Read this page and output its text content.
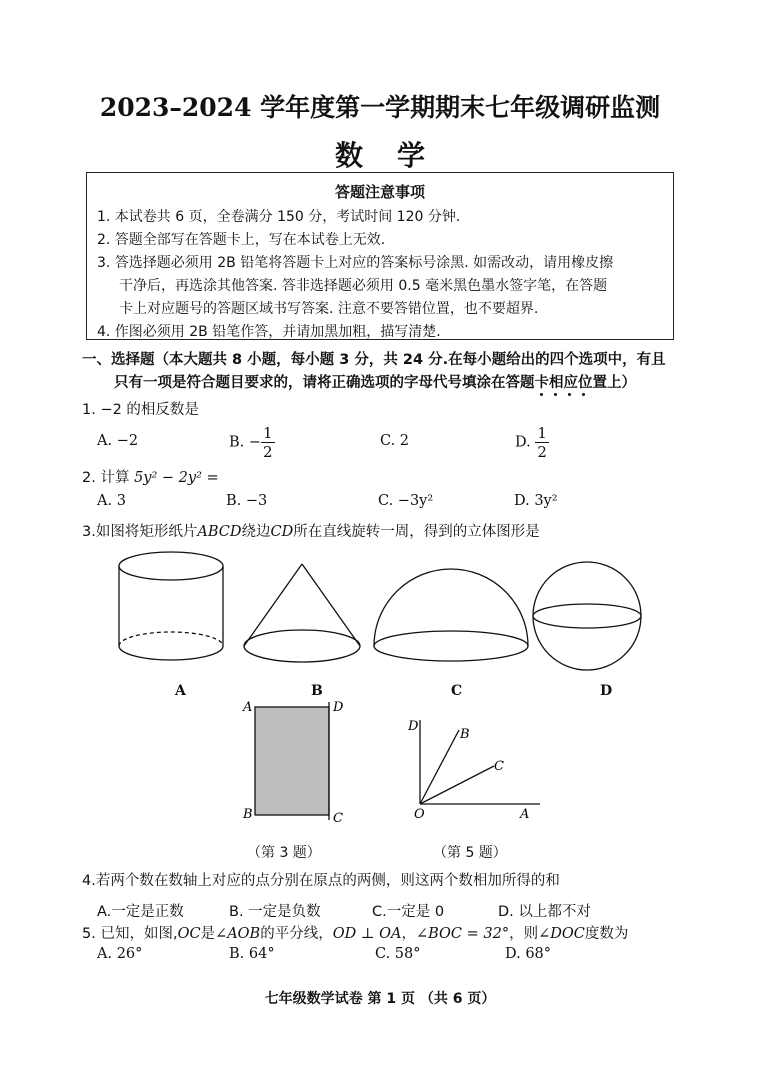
2023–2024 学年度第一学期期末七年级调研监测
数学
答题注意事项
1. 本试卷共 6 页，全卷满分 150 分，考试时间 120 分钟.
2. 答题全部写在答题卡上，写在本试卷上无效.
3. 答选择题必须用 2B 铅笔将答题卡上对应的答案标号涂黑. 如需改动，请用橡皮擦
干净后，再选涂其他答案. 答非选择题必须用 0.5 毫米黑色墨水签字笔，在答题
卡上对应题号的答题区域书写答案. 注意不要答错位置，也不要超界.
4. 作图必须用 2B 铅笔作答，并请加黑加粗，描写清楚.
一、选择题（本大题共 8 小题，每小题 3 分，共 24 分.在每小题给出的四个选项中，有且
只有一项是符合题目要求的，请将正确选项的字母代号填涂在答题卡相应位置上）
1. −2 的相反数是
A. −2	B. − $\frac{1}{2}$	C. 2	D. $\frac{1}{2}$
2. 计算 5y² − 2y² =
A. 3	B. −3	C. −3y²	D. 3y²
3.如图将矩形纸片ABCD绕边CD所在直线旋转一周，得到的立体图形是
A	B	C	D
A	D
B	C
D
B
C
O	A
（第 3 题）	（第 5 题）
4.若两个数在数轴上对应的点分别在原点的两侧，则这两个数相加所得的和
A.一定是正数	B. 一定是负数	C.一定是 0	D. 以上都不对
5. 已知，如图,OC是∠AOB的平分线，OD ⊥ OA，∠BOC = 32°，则∠DOC度数为
A. 26°	B. 64°	C. 58°	D. 68°
七年级数学试卷 第 1 页 （共 6 页）
